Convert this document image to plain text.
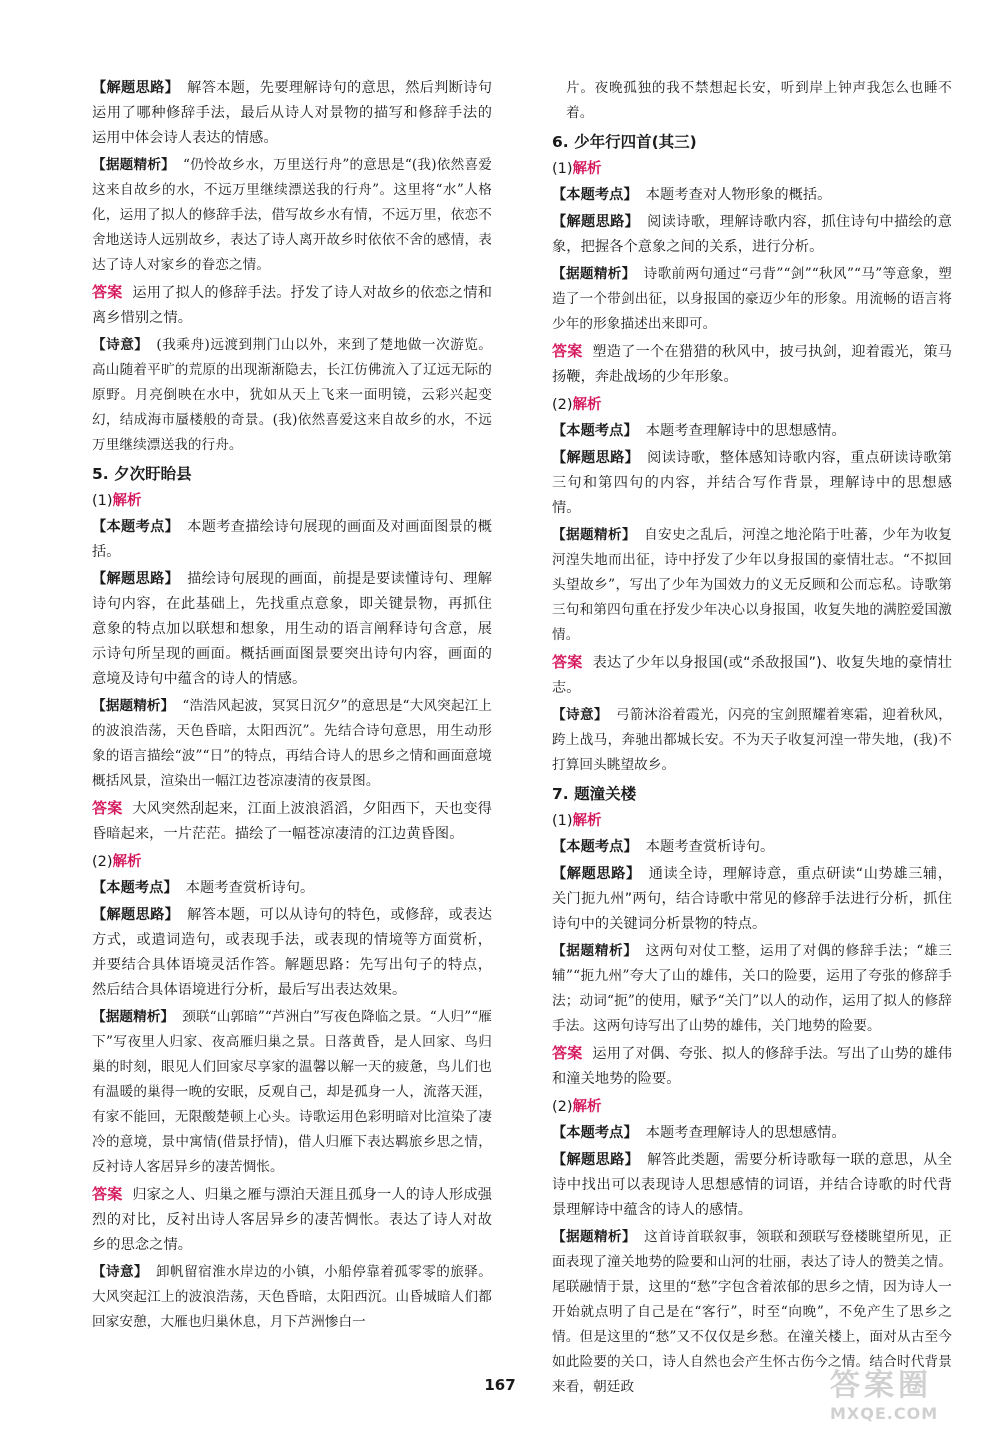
【解题思路】 解答本题，先要理解诗句的意思，然后判断诗句运用了哪种修辞手法，最后从诗人对景物的描写和修辞手法的运用中体会诗人表达的情感。

【据题精析】 “仍怜故乡水，万里送行舟”的意思是“(我)依然喜爱这来自故乡的水，不远万里继续漂送我的行舟”。这里将“水”人格化，运用了拟人的修辞手法，借写故乡水有情，不远万里，依恋不舍地送诗人远别故乡，表达了诗人离开故乡时依依不舍的感情，表达了诗人对家乡的眷恋之情。

答案 运用了拟人的修辞手法。抒发了诗人对故乡的依恋之情和离乡惜别之情。

【诗意】 (我乘舟)远渡到荆门山以外，来到了楚地做一次游览。高山随着平旷的荒原的出现渐渐隐去，长江仿佛流入了辽远无际的原野。月亮倒映在水中，犹如从天上飞来一面明镜，云彩兴起变幻，结成海市蜃楼般的奇景。(我)依然喜爱这来自故乡的水，不远万里继续漂送我的行舟。

5. 夕次盱眙县

(1)解析

【本题考点】 本题考查描绘诗句展现的画面及对画面图景的概括。

【解题思路】 描绘诗句展现的画面，前提是要读懂诗句、理解诗句内容，在此基础上，先找重点意象，即关键景物，再抓住意象的特点加以联想和想象，用生动的语言阐释诗句含意，展示诗句所呈现的画面。概括画面图景要突出诗句内容，画面的意境及诗句中蕴含的诗人的情感。

【据题精析】 “浩浩风起波，冥冥日沉夕”的意思是“大风突起江上的波浪浩荡，天色昏暗，太阳西沉”。先结合诗句意思，用生动形象的语言描绘“波”“日”的特点，再结合诗人的思乡之情和画面意境概括风景，渲染出一幅江边苍凉凄清的夜景图。

答案 大风突然刮起来，江面上波浪滔滔，夕阳西下，天也变得昏暗起来，一片茫茫。描绘了一幅苍凉凄清的江边黄昏图。

(2)解析

【本题考点】 本题考查赏析诗句。

【解题思路】 解答本题，可以从诗句的特色，或修辞，或表达方式，或遣词造句，或表现手法，或表现的情境等方面赏析，并要结合具体语境灵活作答。解题思路：先写出句子的特点，然后结合具体语境进行分析，最后写出表达效果。

【据题精析】 颈联“山郭暗”“芦洲白”写夜色降临之景。“人归”“雁下”写夜里人归家、夜高雁归巢之景。日落黄昏，是人回家、鸟归巢的时刻，眼见人们回家尽享家的温馨以解一天的疲惫，鸟儿们也有温暖的巢得一晚的安眠，反观自己，却是孤身一人，流落天涯，有家不能回，无限酸楚顿上心头。诗歌运用色彩明暗对比渲染了凄冷的意境，景中寓情(借景抒情)，借人归雁下表达羁旅乡思之情，反衬诗人客居异乡的凄苦惆怅。

答案 归家之人、归巢之雁与漂泊天涯且孤身一人的诗人形成强烈的对比，反衬出诗人客居异乡的凄苦惆怅。表达了诗人对故乡的思念之情。

【诗意】 卸帆留宿淮水岸边的小镇，小船停靠着孤零零的旅驿。大风突起江上的波浪浩荡，天色昏暗，太阳西沉。山昏城暗人们都回家安憩，大雁也归巢休息，月下芦洲惨白一

片。夜晚孤独的我不禁想起长安，听到岸上钟声我怎么也睡不着。

6. 少年行四首(其三)

(1)解析

【本题考点】 本题考查对人物形象的概括。

【解题思路】 阅读诗歌，理解诗歌内容，抓住诗句中描绘的意象，把握各个意象之间的关系，进行分析。

【据题精析】 诗歌前两句通过“弓背”“剑”“秋风”“马”等意象，塑造了一个带剑出征，以身报国的豪迈少年的形象。用流畅的语言将少年的形象描述出来即可。

答案 塑造了一个在猎猎的秋风中，披弓执剑，迎着霞光，策马扬鞭，奔赴战场的少年形象。

(2)解析

【本题考点】 本题考查理解诗中的思想感情。

【解题思路】 阅读诗歌，整体感知诗歌内容，重点研读诗歌第三句和第四句的内容，并结合写作背景，理解诗中的思想感情。

【据题精析】 自安史之乱后，河湟之地沦陷于吐蕃，少年为收复河湟失地而出征，诗中抒发了少年以身报国的豪情壮志。“不拟回头望故乡”，写出了少年为国效力的义无反顾和公而忘私。诗歌第三句和第四句重在抒发少年决心以身报国，收复失地的满腔爱国激情。

答案 表达了少年以身报国(或“杀敌报国”)、收复失地的豪情壮志。

【诗意】 弓箭沐浴着霞光，闪亮的宝剑照耀着寒霜，迎着秋风，跨上战马，奔驰出都城长安。不为天子收复河湟一带失地，(我)不打算回头眺望故乡。

7. 题潼关楼

(1)解析

【本题考点】 本题考查赏析诗句。

【解题思路】 通读全诗，理解诗意，重点研读“山势雄三辅，关门扼九州”两句，结合诗歌中常见的修辞手法进行分析，抓住诗句中的关键词分析景物的特点。

【据题精析】 这两句对仗工整，运用了对偶的修辞手法；“雄三辅”“扼九州”夸大了山的雄伟，关口的险要，运用了夸张的修辞手法；动词“扼”的使用，赋予“关门”以人的动作，运用了拟人的修辞手法。这两句诗写出了山势的雄伟，关门地势的险要。

答案 运用了对偶、夸张、拟人的修辞手法。写出了山势的雄伟和潼关地势的险要。

(2)解析

【本题考点】 本题考查理解诗人的思想感情。

【解题思路】 解答此类题，需要分析诗歌每一联的意思，从全诗中找出可以表现诗人思想感情的词语，并结合诗歌的时代背景理解诗中蕴含的诗人的感情。

【据题精析】 这首诗首联叙事，领联和颈联写登楼眺望所见，正面表现了潼关地势的险要和山河的壮丽，表达了诗人的赞美之情。尾联融情于景，这里的“愁”字包含着浓郁的思乡之情，因为诗人一开始就点明了自己是在“客行”，时至“向晚”，不免产生了思乡之情。但是这里的“愁”又不仅仅是乡愁。在潼关楼上，面对从古至今如此险要的关口，诗人自然也会产生怀古伤今之情。结合时代背景来看，朝廷政

167	答案圈
MXQE.COM
